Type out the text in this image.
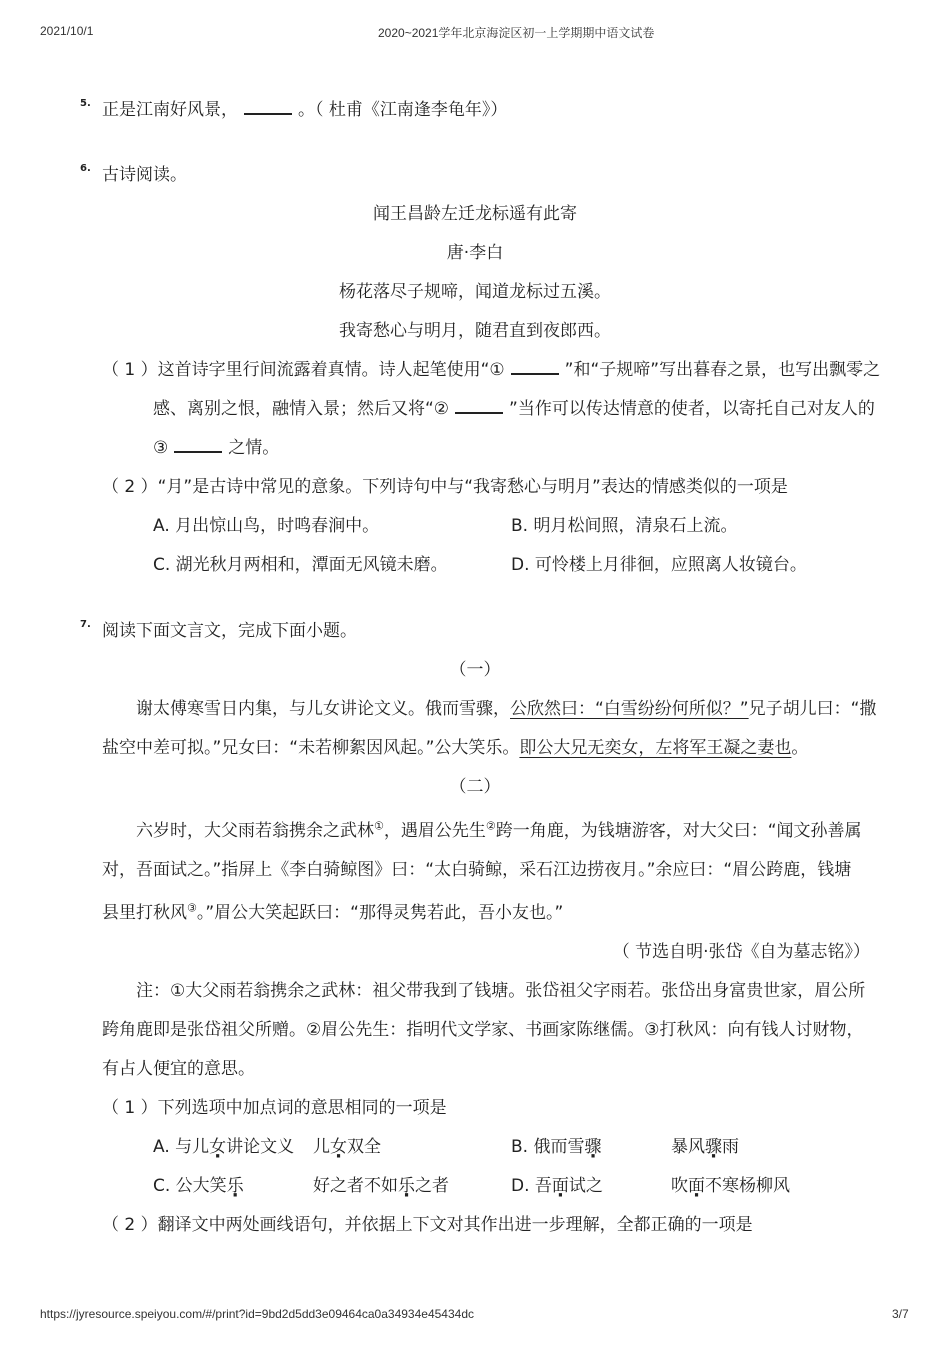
2021/10/1	2020~2021学年北京海淀区初一上学期期中语文试卷
5. 正是江南好风景，	。（ 杜甫《江南逢李龟年》）
6. 古诗阅读。
闻王昌龄左迁龙标遥有此寄
唐·李白
杨花落尽子规啼，闻道龙标过五溪。
我寄愁心与明月，随君直到夜郎西。
（ 1 ）这首诗字里行间流露着真情。诗人起笔使用“①	”和“子规啼”写出暮春之景，也写出飘零之
感、离别之恨，融情入景；然后又将“②	”当作可以传达情意的使者，以寄托自己对友人的
③	之情。
（ 2 ）“月”是古诗中常见的意象。下列诗句中与“我寄愁心与明月”表达的情感类似的一项是
A. 月出惊山鸟，时鸣春涧中。	B. 明月松间照，清泉石上流。
C. 湖光秋月两相和，潭面无风镜未磨。	D. 可怜楼上月徘徊，应照离人妆镜台。
7. 阅读下面文言文，完成下面小题。
（一）
谢太傅寒雪日内集，与儿女讲论文义。俄而雪骤，公欣然曰：“白雪纷纷何所似？”兄子胡儿曰：“撒
盐空中差可拟。”兄女曰：“未若柳絮因风起。”公大笑乐。即公大兄无奕女，左将军王凝之妻也。
（二）
六岁时，大父雨若翁携余之武林①，遇眉公先生②跨一角鹿，为钱塘游客，对大父曰：“闻文孙善属
对，吾面试之。”指屏上《李白骑鲸图》曰：“太白骑鲸，采石江边捞夜月。”余应曰：“眉公跨鹿，钱塘
县里打秋风③。”眉公大笑起跃曰：“那得灵隽若此，吾小友也。”
（ 节选自明·张岱《自为墓志铭》）
注：①大父雨若翁携余之武林：祖父带我到了钱塘。张岱祖父字雨若。张岱出身富贵世家，眉公所
跨角鹿即是张岱祖父所赠。②眉公先生：指明代文学家、书画家陈继儒。③打秋风：向有钱人讨财物，
有占人便宜的意思。
（ 1 ）下列选项中加点词的意思相同的一项是
A. 与儿女讲论文义 儿女双全	B. 俄而雪骤	暴风骤雨
C. 公大笑乐	好之者不如乐之者	D. 吾面试之	吹面不寒杨柳风
（ 2 ）翻译文中两处画线语句，并依据上下文对其作出进一步理解，全都正确的一项是
https://jyresource.speiyou.com/#/print?id=9bd2d5dd3e09464ca0a34934e45434dc	3/7
